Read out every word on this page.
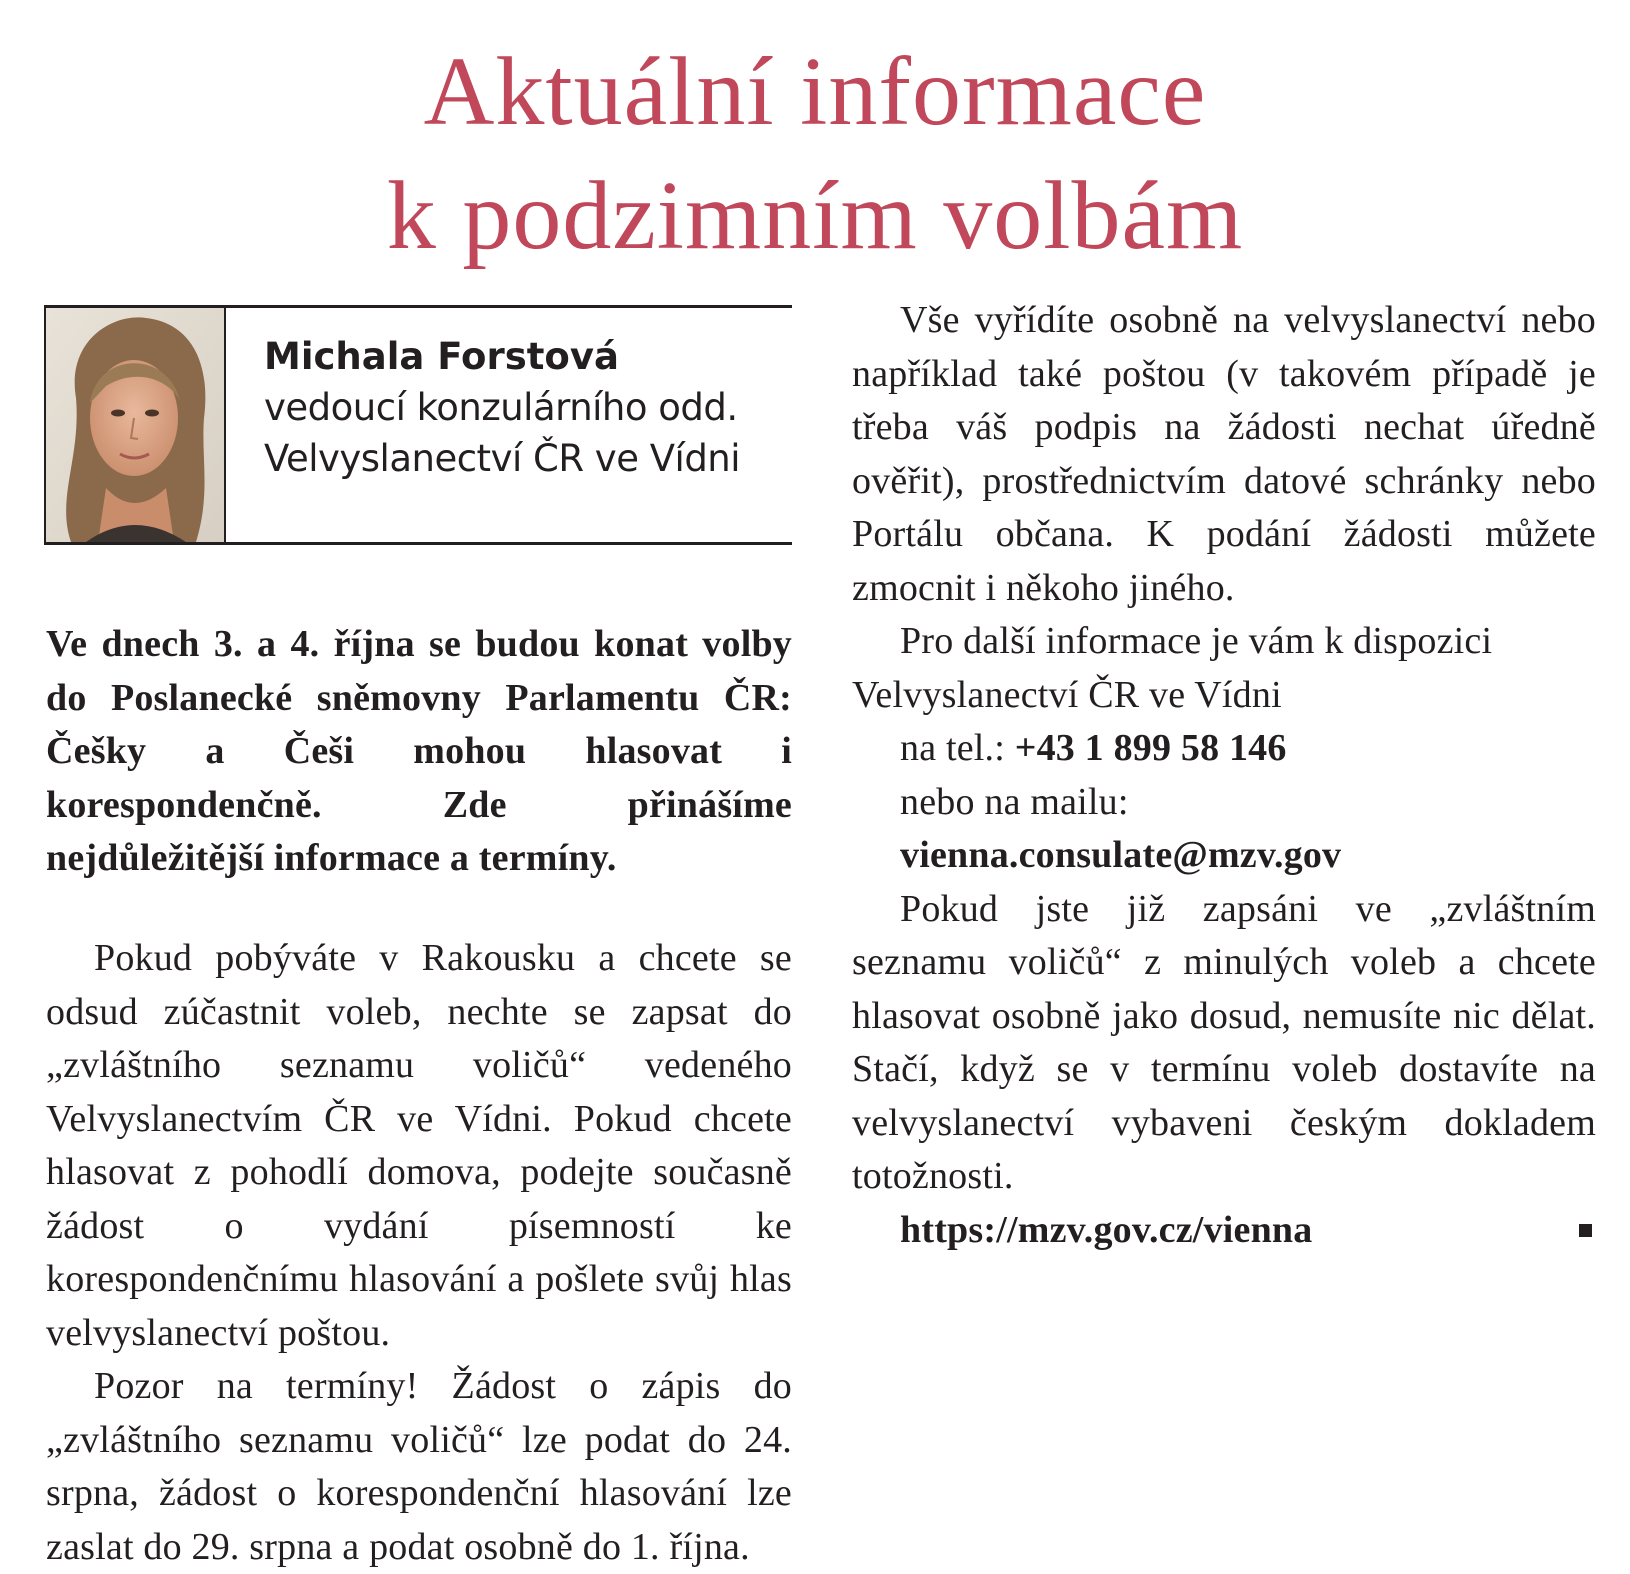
Aktuální informace
k podzimním volbám
Michala Forstová
vedoucí konzulárního odd.
Velvyslanectví ČR ve Vídni

Ve dnech 3. a 4. října se budou konat volby do Poslanecké sněmovny Parlamentu ČR: Češky a Češi mohou hlasovat i korespondenčně. Zde přinášíme nejdůležitější informace a termíny.

Pokud pobýváte v Rakousku a chcete se odsud zúčastnit voleb, nechte se zapsat do „zvláštního seznamu voličů“ vedeného Velvyslanectvím ČR ve Vídni. Pokud chcete hlasovat z pohodlí domova, podejte současně žádost o vydání písemností ke korespondenčnímu hlasování a pošlete svůj hlas velvyslanectví poštou.

Pozor na termíny! Žádost o zápis do „zvláštního seznamu voličů“ lze podat do 24. srpna, žádost o korespondenční hlasování lze zaslat do 29. srpna a podat osobně do 1. října.

Vše vyřídíte osobně na velvyslanectví nebo například také poštou (v takovém případě je třeba váš podpis na žádosti nechat úředně ověřit), prostřednictvím datové schránky nebo Portálu občana. K podání žádosti můžete zmocnit i někoho jiného.

Pro další informace je vám k dispozici Velvyslanectví ČR ve Vídni

na tel.: +43 1 899 58 146

nebo na mailu:

vienna.consulate@mzv.gov

Pokud jste již zapsáni ve „zvláštním seznamu voličů“ z minulých voleb a chcete hlasovat osobně jako dosud, nemusíte nic dělat. Stačí, když se v termínu voleb dostavíte na velvyslanectví vybaveni českým dokladem totožnosti.

https://mzv.gov.cz/vienna
